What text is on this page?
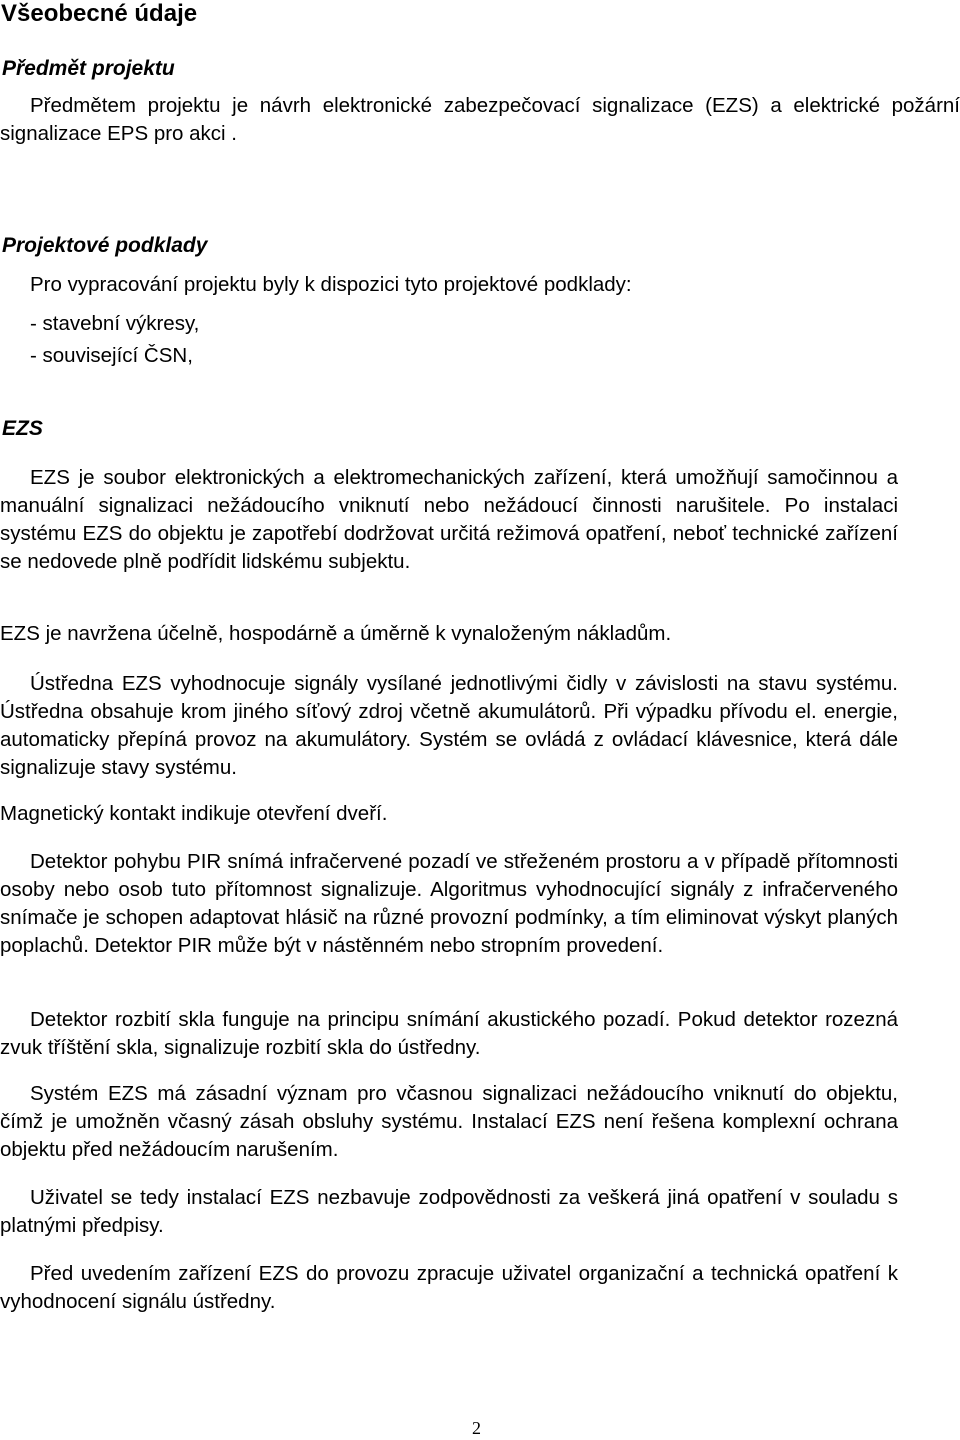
Všeobecné údaje
Předmět projektu

Předmětem projektu je návrh elektronické zabezpečovací signalizace (EZS) a elektrické požární signalizace EPS pro akci .

Projektové podklady

Pro vypracování projektu byly k dispozici tyto projektové podklady:

- stavební výkresy,

- související ČSN,

EZS

EZS je soubor elektronických a elektromechanických zařízení, která umožňují samočinnou a manuální signalizaci nežádoucího vniknutí nebo nežádoucí činnosti narušitele. Po instalaci systému EZS do objektu je zapotřebí dodržovat určitá režimová opatření, neboť technické zařízení se nedovede plně podřídit lidskému subjektu.

EZS je navržena účelně, hospodárně a úměrně k vynaloženým nákladům.

Ústředna EZS vyhodnocuje signály vysílané jednotlivými čidly v závislosti na stavu systému. Ústředna obsahuje krom jiného síťový zdroj včetně akumulátorů. Při výpadku přívodu el. energie, automaticky přepíná provoz na akumulátory. Systém se ovládá z ovládací klávesnice, která dále signalizuje stavy systému.

Magnetický kontakt indikuje otevření dveří.

Detektor pohybu PIR snímá infračervené pozadí ve střeženém prostoru a v případě přítomnosti osoby nebo osob tuto přítomnost signalizuje. Algoritmus vyhodnocující signály z infračerveného snímače je schopen adaptovat hlásič na různé provozní podmínky, a tím eliminovat výskyt planých poplachů. Detektor PIR může být v nástěnném nebo stropním provedení.

Detektor rozbití skla funguje na principu snímání akustického pozadí. Pokud detektor rozezná zvuk tříštění skla, signalizuje rozbití skla do ústředny.

Systém EZS má zásadní význam pro včasnou signalizaci nežádoucího vniknutí do objektu, čímž je umožněn včasný zásah obsluhy systému. Instalací EZS není řešena komplexní ochrana objektu před nežádoucím narušením.

Uživatel se tedy instalací EZS nezbavuje zodpovědnosti za veškerá jiná opatření v souladu s platnými předpisy.

Před uvedením zařízení EZS do provozu zpracuje uživatel organizační a technická opatření k vyhodnocení signálu ústředny.

2
